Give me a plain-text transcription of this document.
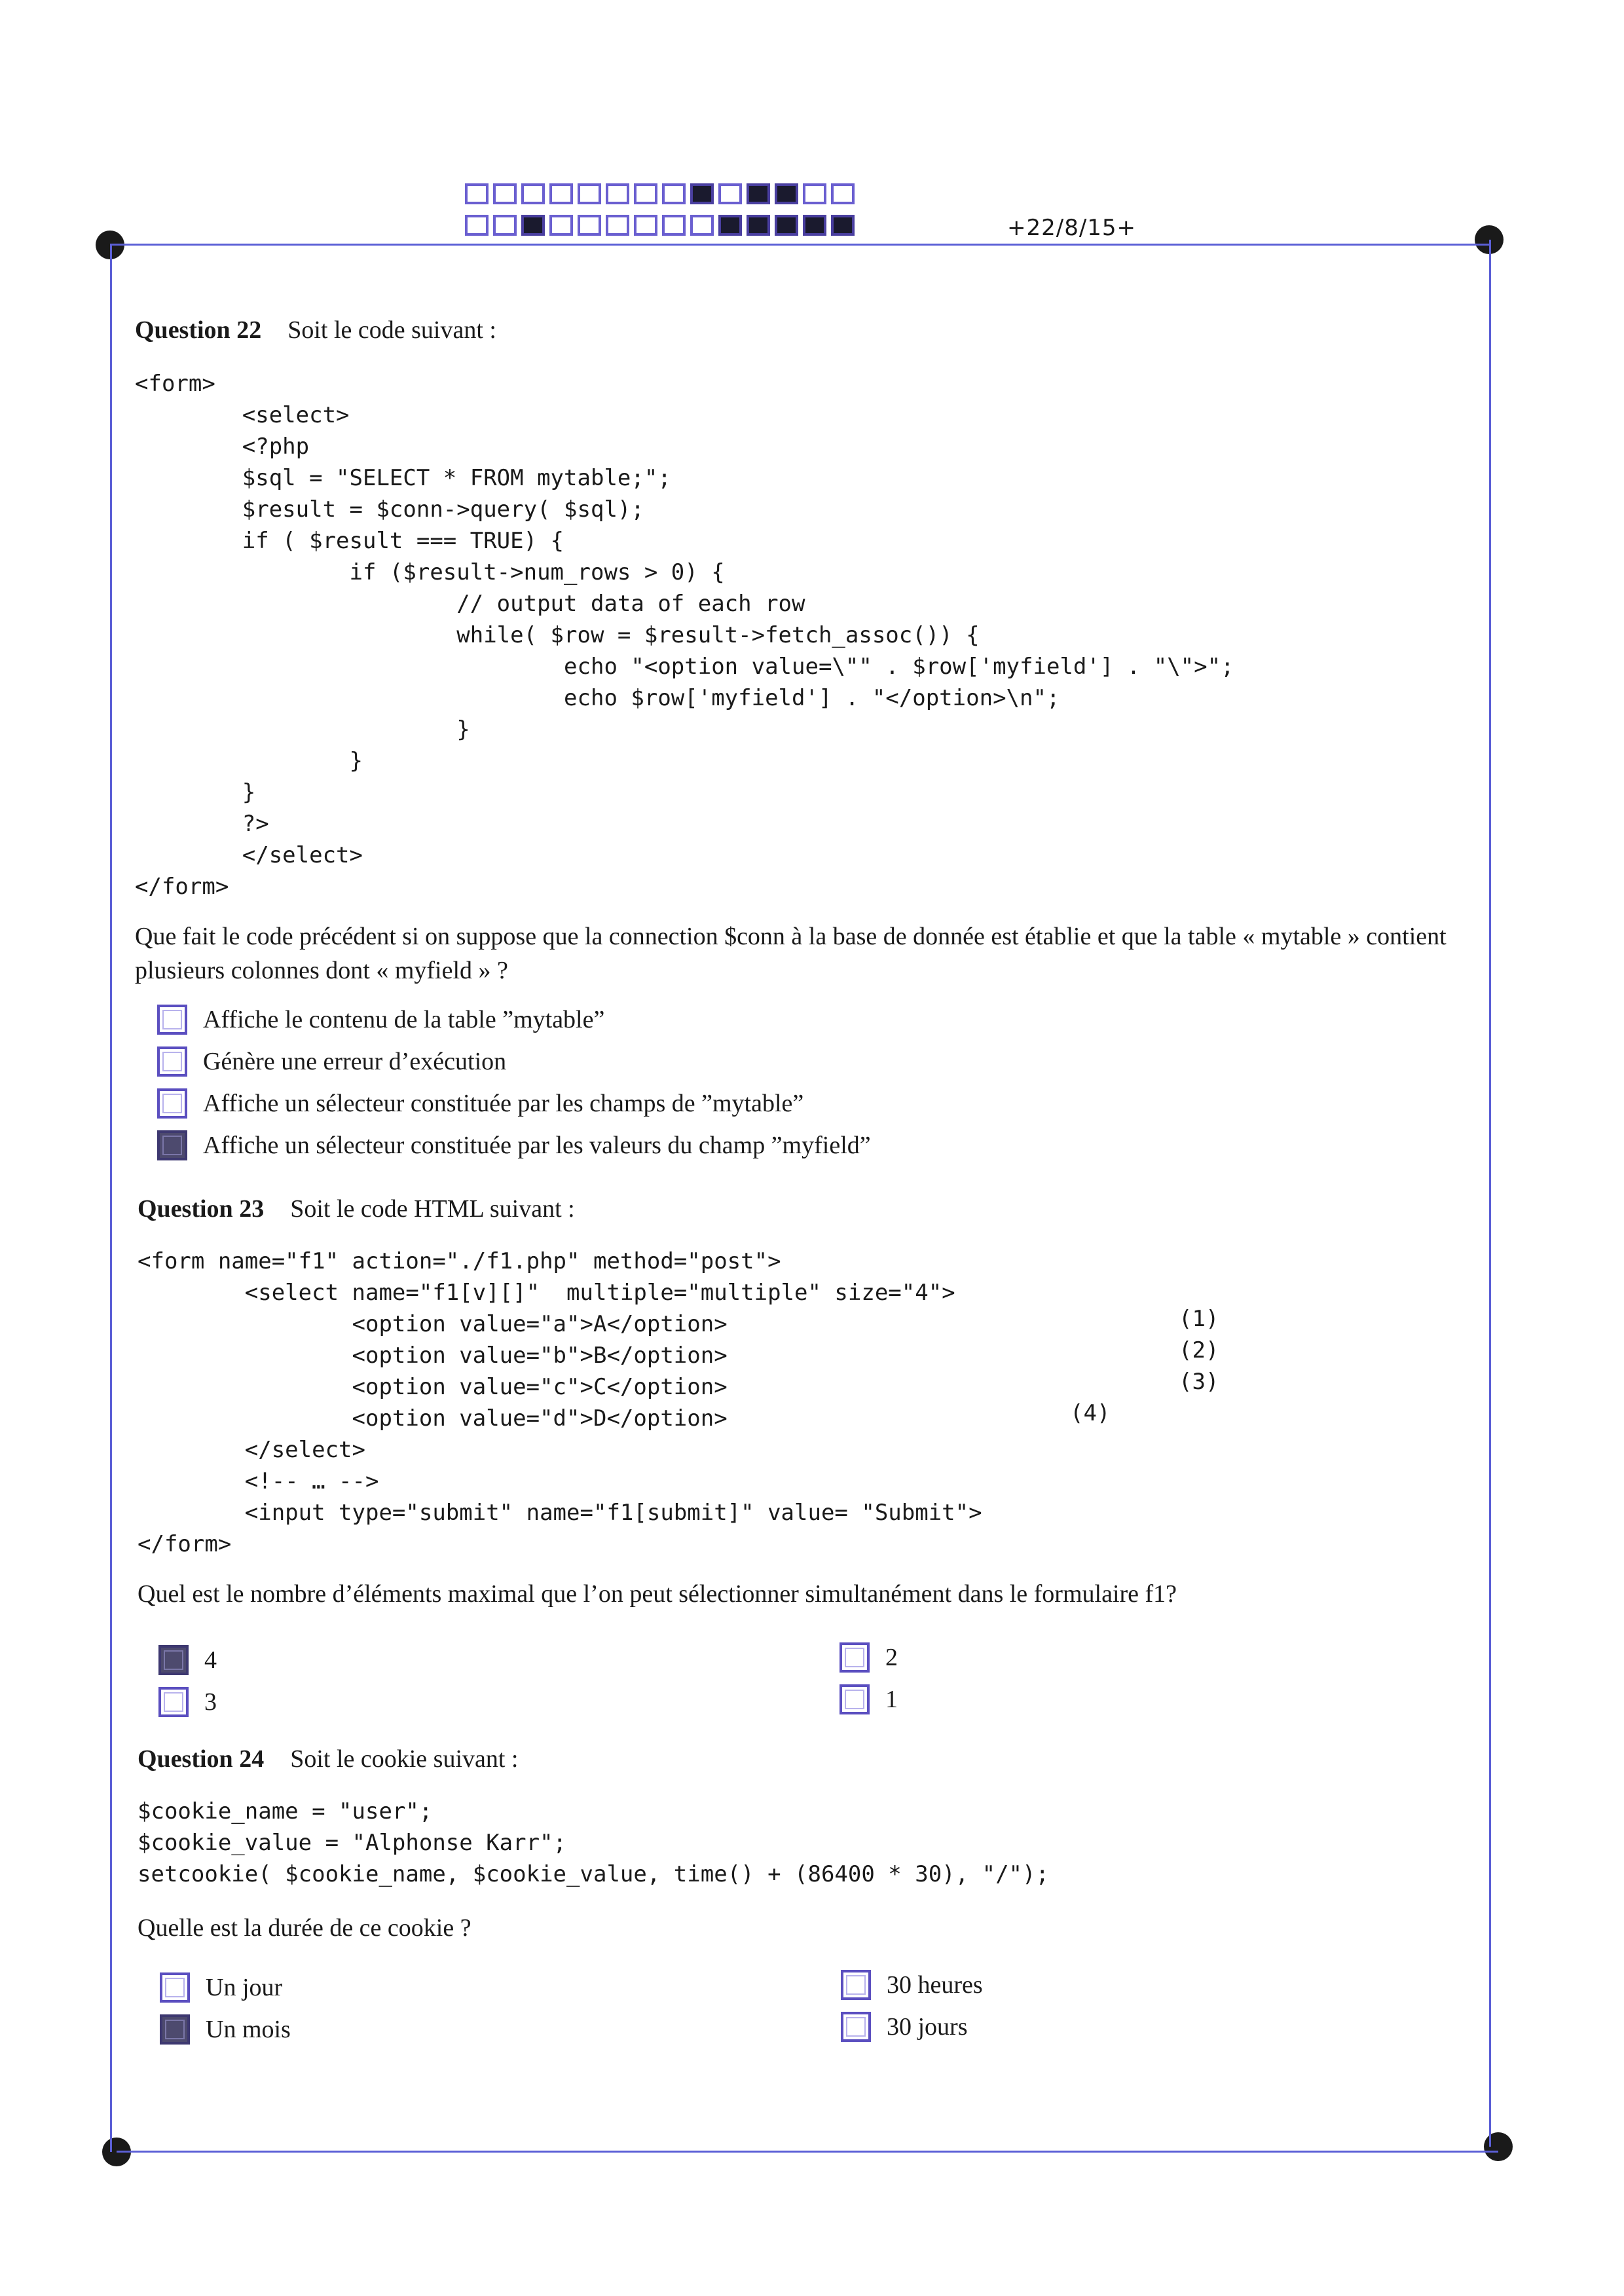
+22/8/15+
Question 22 Soit le code suivant :
<form>
<select>
<?php
$sql = "SELECT * FROM mytable;";
$result = $conn->query( $sql);
if ( $result === TRUE) {
if ($result->num_rows > 0) {
// output data of each row
while( $row = $result->fetch_assoc()) {
echo "<option value=\"" . $row['myfield'] . "\">";
echo $row['myfield'] . "</option>\n";
}
}
}
?>
</select>
</form>
Que fait le code précédent si on suppose que la connection $conn à la base de donnée est établie et que la table « mytable » contient plusieurs colonnes dont « myfield » ?
Affiche le contenu de la table ”mytable”
Génère une erreur d’exécution
Affiche un sélecteur constituée par les champs de ”mytable”
Affiche un sélecteur constituée par les valeurs du champ ”myfield”
Question 23 Soit le code HTML suivant :
<form name="f1" action="./f1.php" method="post">
<select name="f1[v][]"  multiple="multiple" size="4">
<option value="a">A</option>
<option value="b">B</option>
<option value="c">C</option>
<option value="d">D</option>
</select>
<!-- … -->
<input type="submit" name="f1[submit]" value= "Submit">
</form>
(1)
(2)
(3)
(4)
Quel est le nombre d’éléments maximal que l’on peut sélectionner simultanément dans le formulaire f1?
4	2
3	1
Question 24 Soit le cookie suivant :
$cookie_name = "user";
$cookie_value = "Alphonse Karr";
setcookie( $cookie_name, $cookie_value, time() + (86400 * 30), "/");
Quelle est la durée de ce cookie ?
Un jour	30 heures
Un mois	30 jours
